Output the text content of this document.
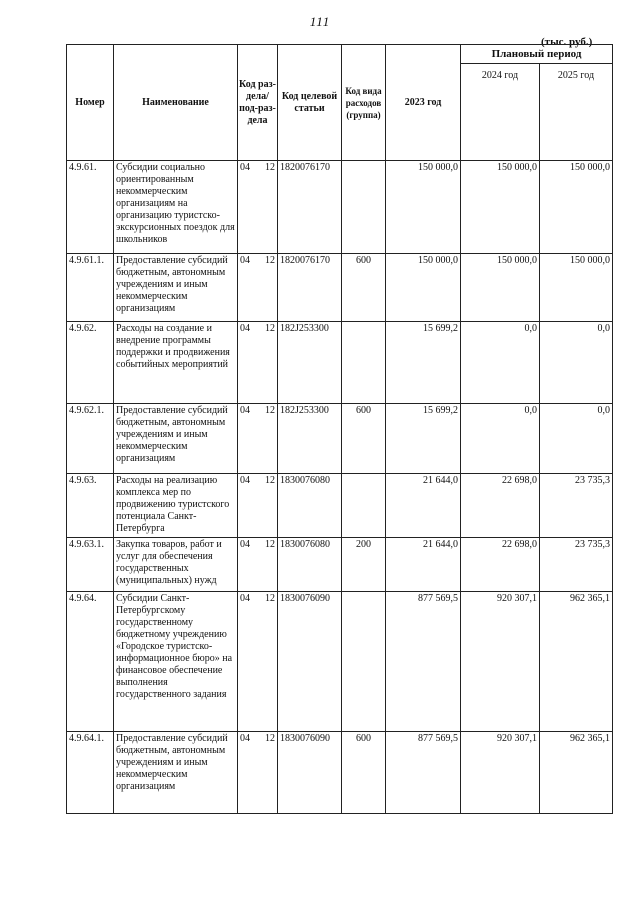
111
(тыс. руб.)
Номер	Наименование	Код раз-дела/ под-раз-дела	Код целевой статьи	Код вида расходов (группа)	2023 год	Плановый период	
						2024 год	2025 год
4.9.61.	Субсидии социально ориентированным некоммерческим организациям на организацию туристско-экскурсионных поездок для школьников	04 12	1820076170		150 000,0	150 000,0	150 000,0
4.9.61.1.	Предоставление субсидий бюджетным, автономным учреждениям и иным некоммерческим организациям	04 12	1820076170	600	150 000,0	150 000,0	150 000,0
4.9.62.	Расходы на создание и внедрение программы поддержки и продвижения событийных мероприятий	04 12	182J253300		15 699,2	0,0	0,0
4.9.62.1.	Предоставление субсидий бюджетным, автономным учреждениям и иным некоммерческим организациям	04 12	182J253300	600	15 699,2	0,0	0,0
4.9.63.	Расходы на реализацию комплекса мер по продвижению туристского потенциала Санкт-Петербурга	04 12	1830076080		21 644,0	22 698,0	23 735,3
4.9.63.1.	Закупка товаров, работ и услуг для обеспечения государственных (муниципальных) нужд	04 12	1830076080	200	21 644,0	22 698,0	23 735,3
4.9.64.	Субсидии Санкт-Петербургскому государственному бюджетному учреждению «Городское туристско-информационное бюро» на финансовое обеспечение выполнения государственного задания	04 12	1830076090		877 569,5	920 307,1	962 365,1
4.9.64.1.	Предоставление субсидий бюджетным, автономным учреждениям и иным некоммерческим организациям	04 12	1830076090	600	877 569,5	920 307,1	962 365,1
